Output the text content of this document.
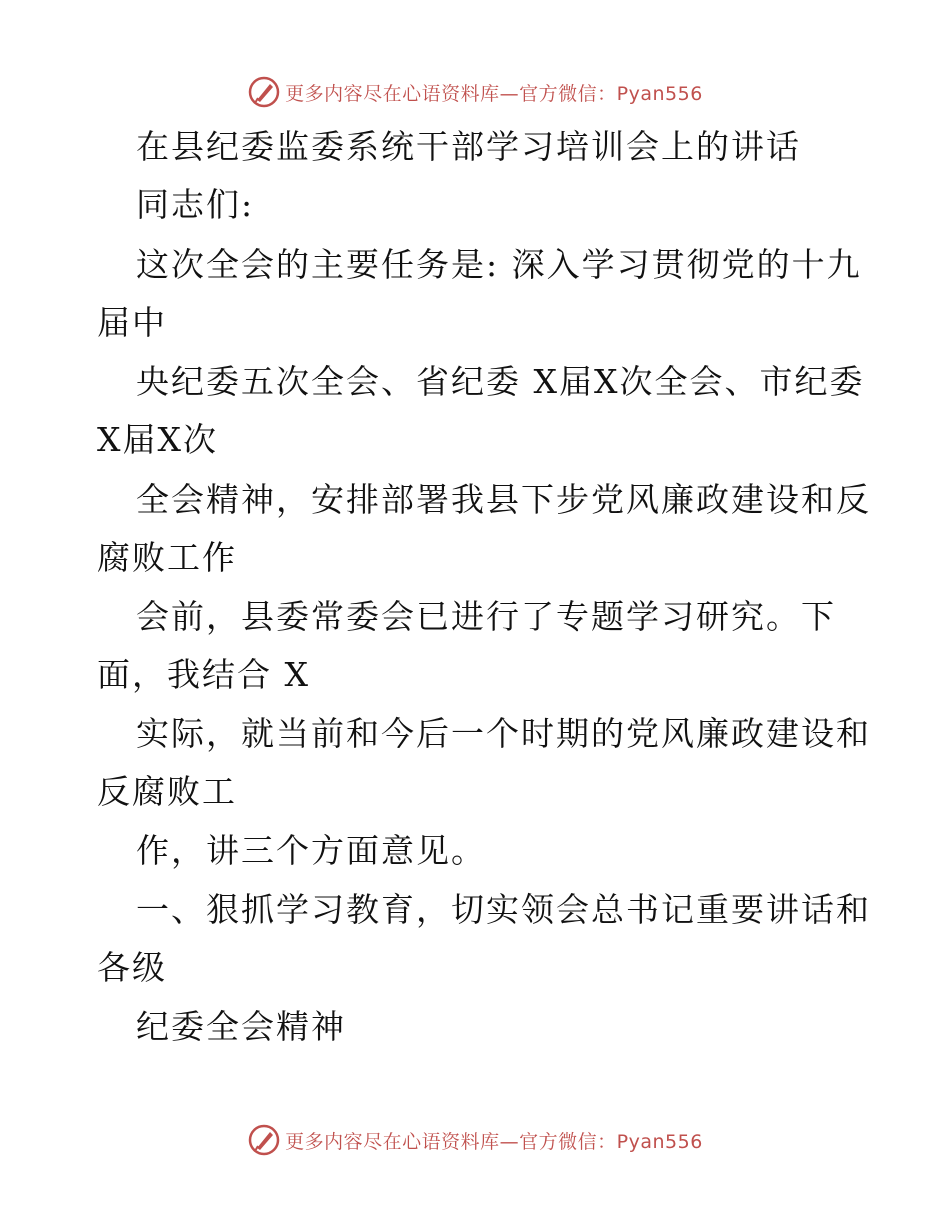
更多内容尽在心语资料库—官方微信：Pyan556
在县纪委监委系统干部学习培训会上的讲话
同志们:
这次全会的主要任务是: 深入学习贯彻党的十九
届中
央纪委五次全会、省纪委 X届X次全会、市纪委
X届X次
全会精神，安排部署我县下步党风廉政建设和反
腐败工作
会前，县委常委会已进行了专题学习研究。下
面，我结合 X
实际，就当前和今后一个时期的党风廉政建设和
反腐败工
作，讲三个方面意见。
一、狠抓学习教育，切实领会总书记重要讲话和
各级
纪委全会精神
更多内容尽在心语资料库—官方微信：Pyan556
